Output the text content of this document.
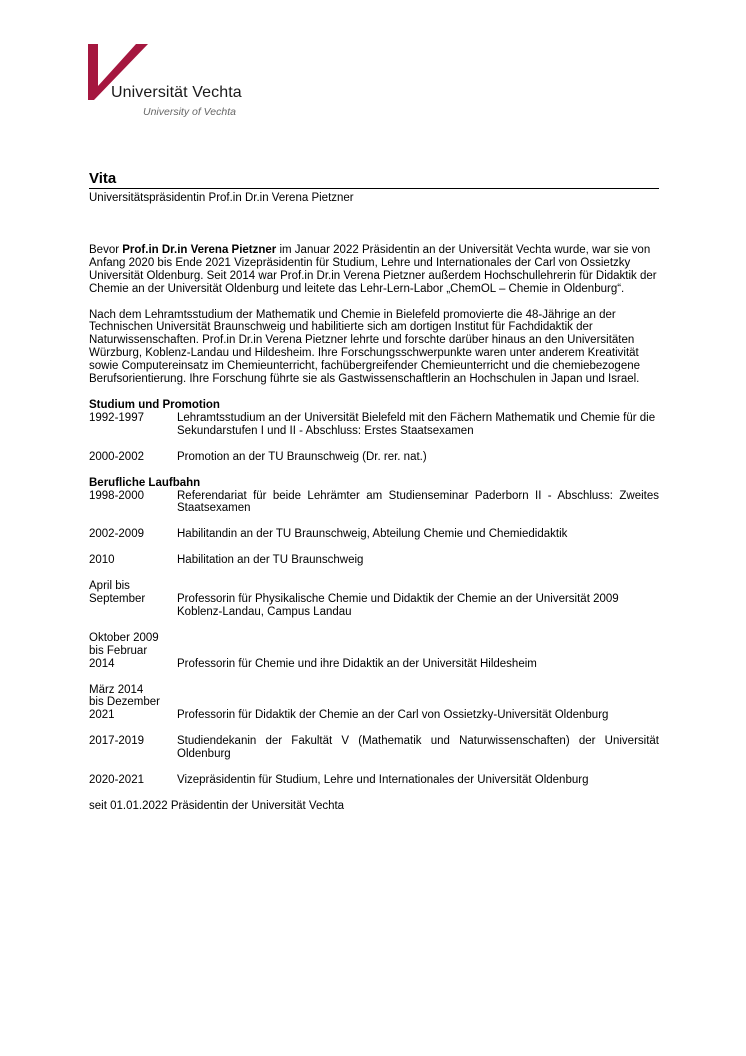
Universität Vechta
University of Vechta
Vita
Universitätspräsidentin Prof.in Dr.in Verena Pietzner

Bevor Prof.in Dr.in Verena Pietzner im Januar 2022 Präsidentin an der Universität Vechta wurde, war sie von Anfang 2020 bis Ende 2021 Vizepräsidentin für Studium, Lehre und Internationales der Carl von Ossietzky Universität Oldenburg. Seit 2014 war Prof.in Dr.in Verena Pietzner außerdem Hochschullehrerin für Didaktik der Chemie an der Universität Oldenburg und leitete das Lehr-Lern-Labor „ChemOL – Chemie in Oldenburg“.

Nach dem Lehramtsstudium der Mathematik und Chemie in Bielefeld promovierte die 48-Jährige an der Technischen Universität Braunschweig und habilitierte sich am dortigen Institut für Fachdidaktik der Naturwissenschaften. Prof.in Dr.in Verena Pietzner lehrte und forschte darüber hinaus an den Universitäten Würzburg, Koblenz-Landau und Hildesheim. Ihre Forschungsschwerpunkte waren unter anderem Kreativität sowie Computereinsatz im Chemieunterricht, fachübergreifender Chemieunterricht und die chemiebezogene Berufsorientierung. Ihre Forschung führte sie als Gastwissenschaftlerin an Hochschulen in Japan und Israel.

Studium und Promotion
1992-1997	Lehramtsstudium an der Universität Bielefeld mit den Fächern Mathematik und Chemie für die Sekundarstufen I und II - Abschluss: Erstes Staatsexamen
2000-2002	Promotion an der TU Braunschweig (Dr. rer. nat.)
Berufliche Laufbahn
1998-2000	Referendariat für beide Lehrämter am Studienseminar Paderborn II - Abschluss: Zweites Staatsexamen
2002-2009	Habilitandin an der TU Braunschweig, Abteilung Chemie und Chemiedidaktik
2010	Habilitation an der TU Braunschweig
April bis
September	Professorin für Physikalische Chemie und Didaktik der Chemie an der Universität 2009 Koblenz-Landau, Campus Landau
Oktober 2009
bis Februar
2014	Professorin für Chemie und ihre Didaktik an der Universität Hildesheim
März 2014
bis Dezember
2021	Professorin für Didaktik der Chemie an der Carl von Ossietzky-Universität Oldenburg
2017-2019	Studiendekanin der Fakultät V (Mathematik und Naturwissenschaften) der Universität Oldenburg
2020-2021	Vizepräsidentin für Studium, Lehre und Internationales der Universität Oldenburg
seit 01.01.2022 Präsidentin der Universität Vechta
